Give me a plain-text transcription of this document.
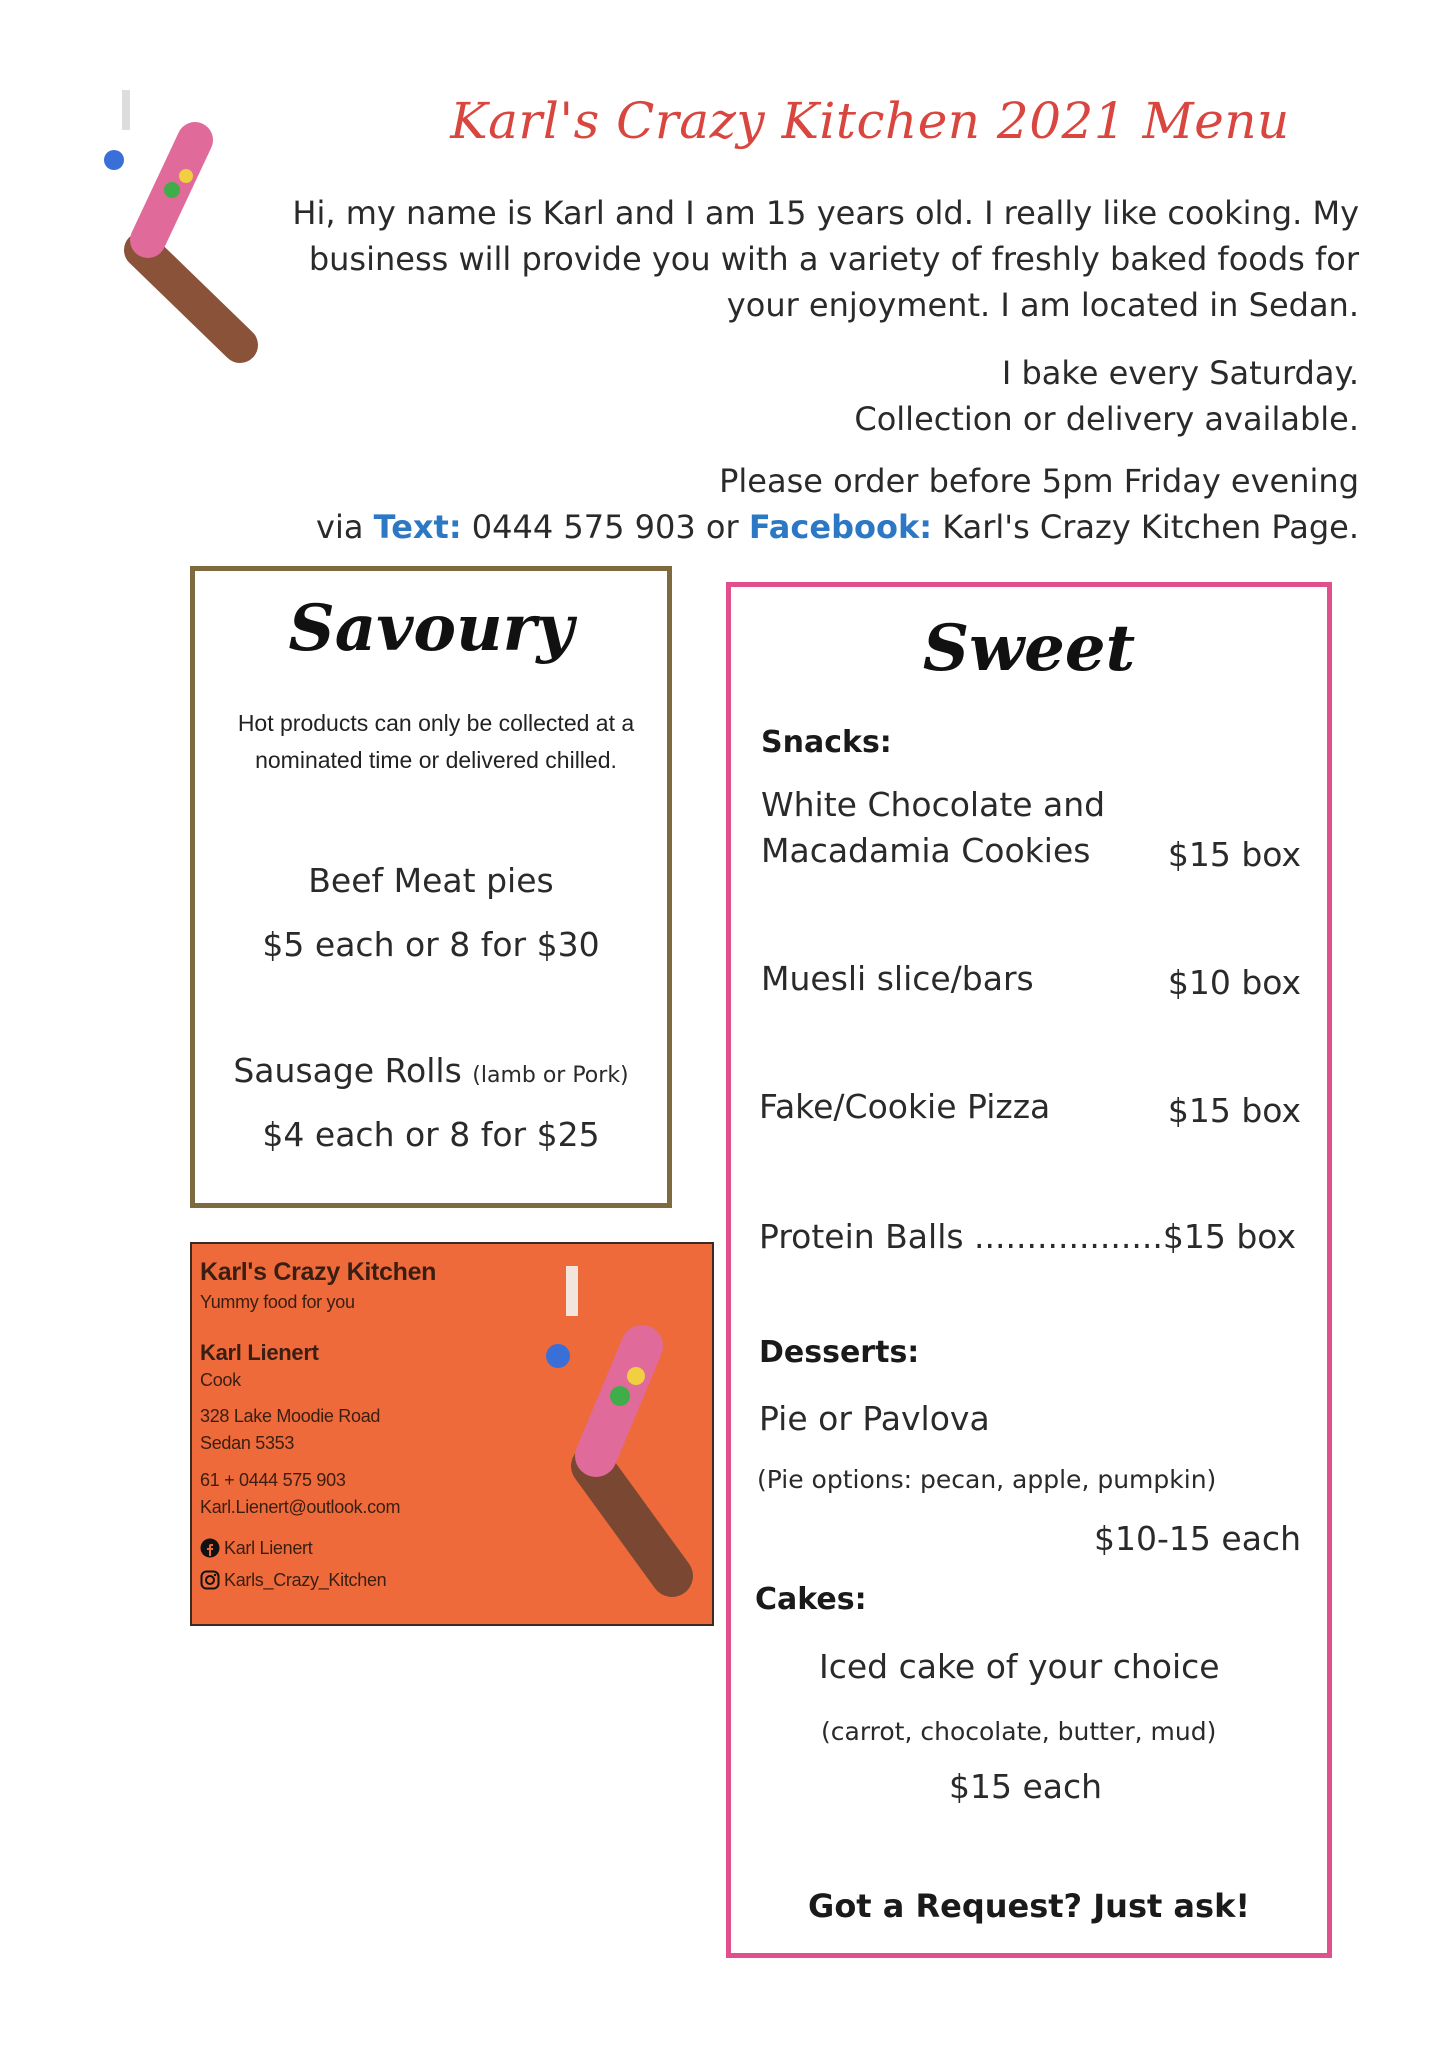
Karl's Crazy Kitchen 2021 Menu
Hi, my name is Karl and I am 15 years old. I really like cooking. My business will provide you with a variety of freshly baked foods for your enjoyment. I am located in Sedan.
I bake every Saturday.
Collection or delivery available.
Please order before 5pm Friday evening
via Text: 0444 575 903 or Facebook: Karl's Crazy Kitchen Page.
Savoury
Hot products can only be collected at a nominated time or delivered chilled.
Beef Meat pies
$5 each or 8 for $30
Sausage Rolls (lamb or Pork)
$4 each or 8 for $25
Karl's Crazy Kitchen
Yummy food for you
Karl Lienert
Cook
328 Lake Moodie Road
Sedan 5353
61 + 0444 575 903
Karl.Lienert@outlook.com
Karl Lienert
Karls_Crazy_Kitchen
Sweet
Snacks:
White Chocolate and
Macadamia Cookies $15 box
Muesli slice/bars	$10 box
Fake/Cookie Pizza	$15 box
Protein Balls ..................$15 box
Desserts:
Pie or Pavlova
(Pie options: pecan, apple, pumpkin)
$10-15 each
Cakes:
Iced cake of your choice
(carrot, chocolate, butter, mud)
$15 each
Got a Request? Just ask!
